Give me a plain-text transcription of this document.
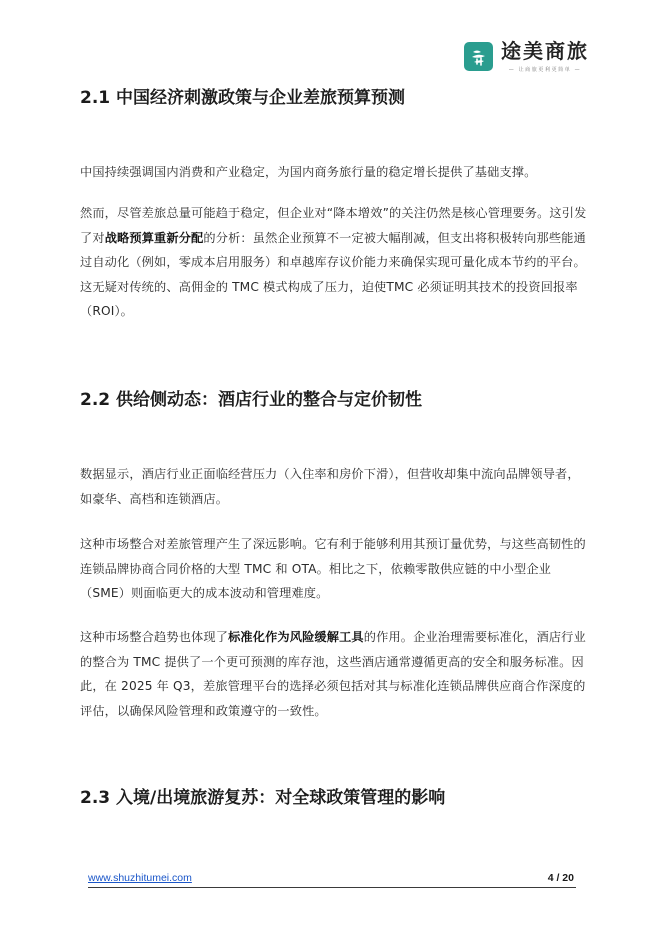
途美商旅
— 让商旅更利更简单 —
2.1 中国经济刺激政策与企业差旅预算预测

中国持续强调国内消费和产业稳定，为国内商务旅行量的稳定增长提供了基础支撑。

然而，尽管差旅总量可能趋于稳定，但企业对“降本增效”的关注仍然是核心管理要务。这引发了对战略预算重新分配的分析：虽然企业预算不一定被大幅削减，但支出将积极转向那些能通过自动化（例如，零成本启用服务）和卓越库存议价能力来确保实现可量化成本节约的平台。这无疑对传统的、高佣金的 TMC 模式构成了压力，迫使TMC 必须证明其技术的投资回报率（ROI）。

2.2 供给侧动态：酒店行业的整合与定价韧性

数据显示，酒店行业正面临经营压力（入住率和房价下滑），但营收却集中流向品牌领导者，如豪华、高档和连锁酒店。

这种市场整合对差旅管理产生了深远影响。它有利于能够利用其预订量优势，与这些高韧性的连锁品牌协商合同价格的大型 TMC 和 OTA。相比之下，依赖零散供应链的中小型企业（SME）则面临更大的成本波动和管理难度。

这种市场整合趋势也体现了标准化作为风险缓解工具的作用。企业治理需要标准化，酒店行业的整合为 TMC 提供了一个更可预测的库存池，这些酒店通常遵循更高的安全和服务标准。因此，在 2025 年 Q3，差旅管理平台的选择必须包括对其与标准化连锁品牌供应商合作深度的评估，以确保风险管理和政策遵守的一致性。

2.3 入境/出境旅游复苏：对全球政策管理的影响
www.shuzhitumei.com	4 / 20
